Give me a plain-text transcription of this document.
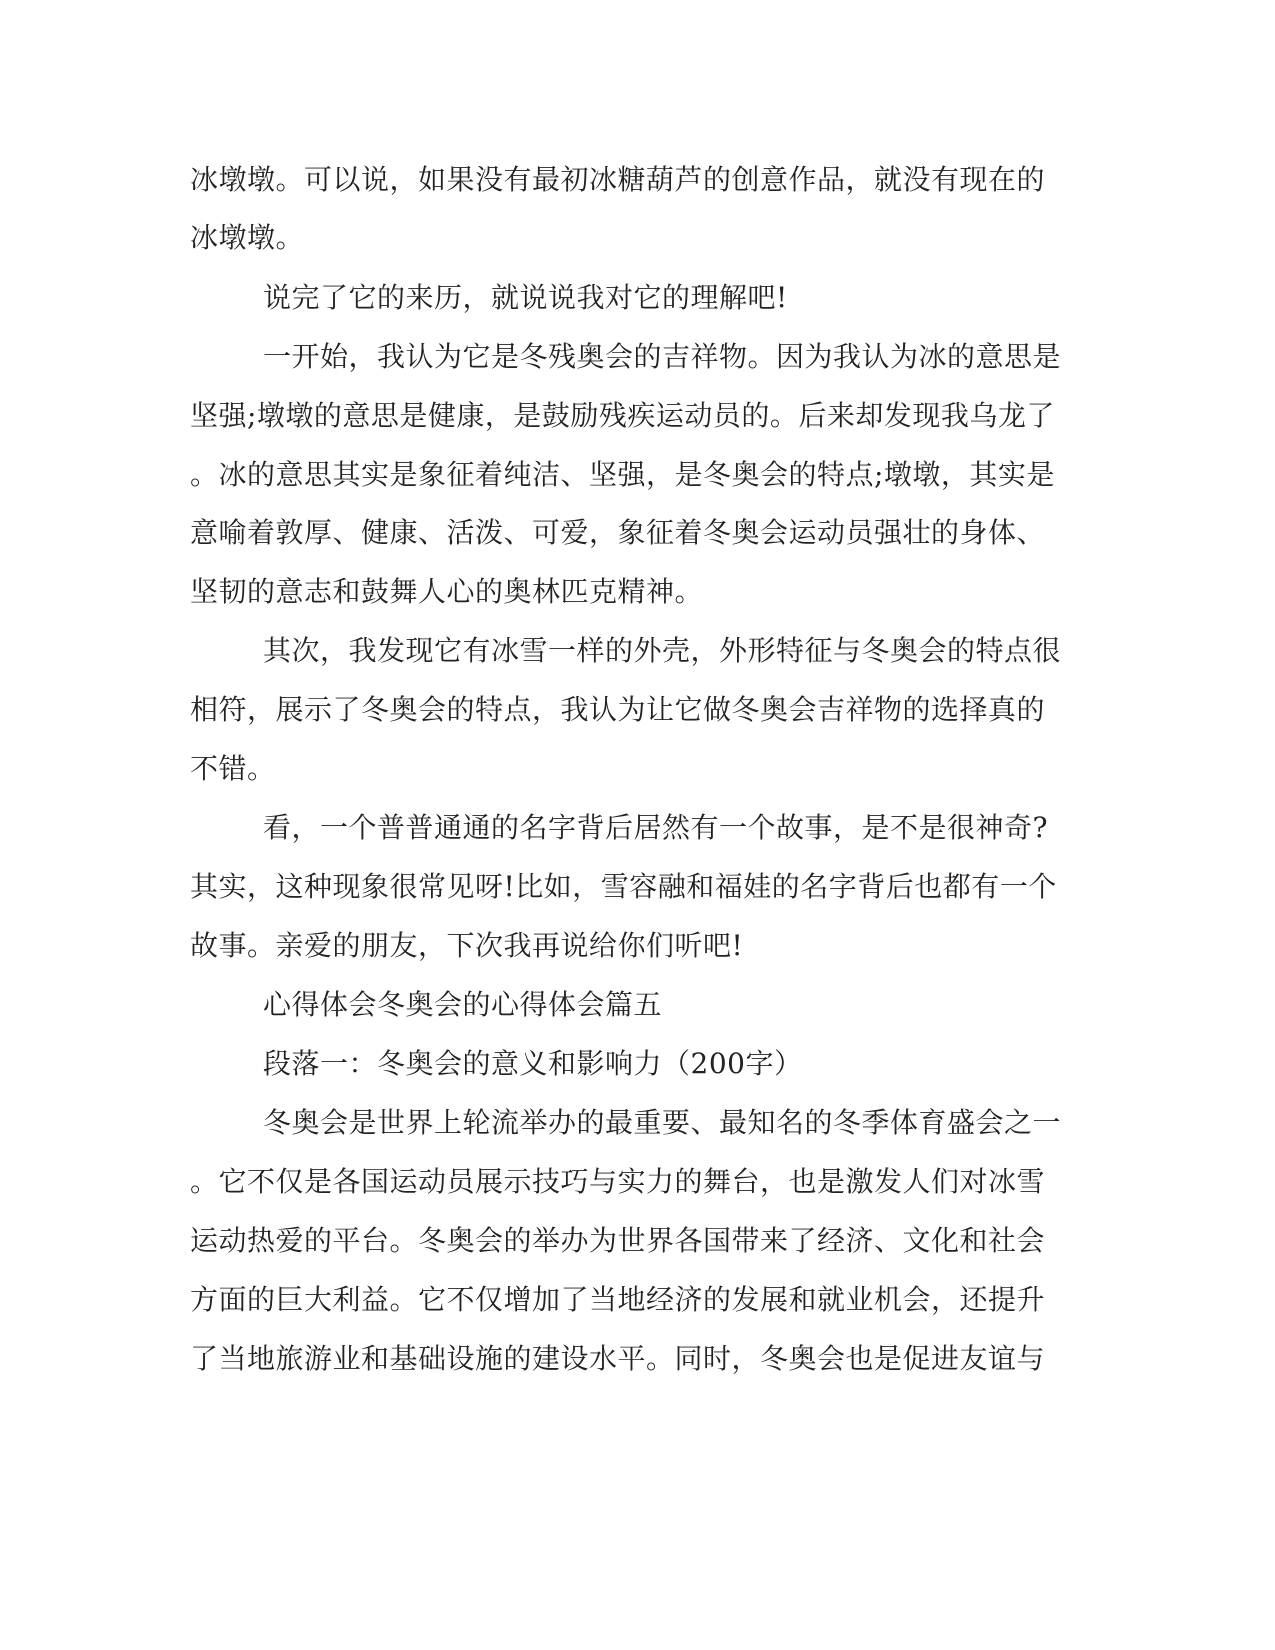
冰墩墩。可以说，如果没有最初冰糖葫芦的创意作品，就没有现在的
冰墩墩。
说完了它的来历，就说说我对它的理解吧!
一开始，我认为它是冬残奥会的吉祥物。因为我认为冰的意思是
坚强;墩墩的意思是健康，是鼓励残疾运动员的。后来却发现我乌龙了
。冰的意思其实是象征着纯洁、坚强，是冬奥会的特点;墩墩，其实是
意喻着敦厚、健康、活泼、可爱，象征着冬奥会运动员强壮的身体、
坚韧的意志和鼓舞人心的奥林匹克精神。
其次，我发现它有冰雪一样的外壳，外形特征与冬奥会的特点很
相符，展示了冬奥会的特点，我认为让它做冬奥会吉祥物的选择真的
不错。
看，一个普普通通的名字背后居然有一个故事，是不是很神奇?
其实，这种现象很常见呀!比如，雪容融和福娃的名字背后也都有一个
故事。亲爱的朋友，下次我再说给你们听吧!
心得体会冬奥会的心得体会篇五
段落一：冬奥会的意义和影响力（200字）
冬奥会是世界上轮流举办的最重要、最知名的冬季体育盛会之一
。它不仅是各国运动员展示技巧与实力的舞台，也是激发人们对冰雪
运动热爱的平台。冬奥会的举办为世界各国带来了经济、文化和社会
方面的巨大利益。它不仅增加了当地经济的发展和就业机会，还提升
了当地旅游业和基础设施的建设水平。同时，冬奥会也是促进友谊与
